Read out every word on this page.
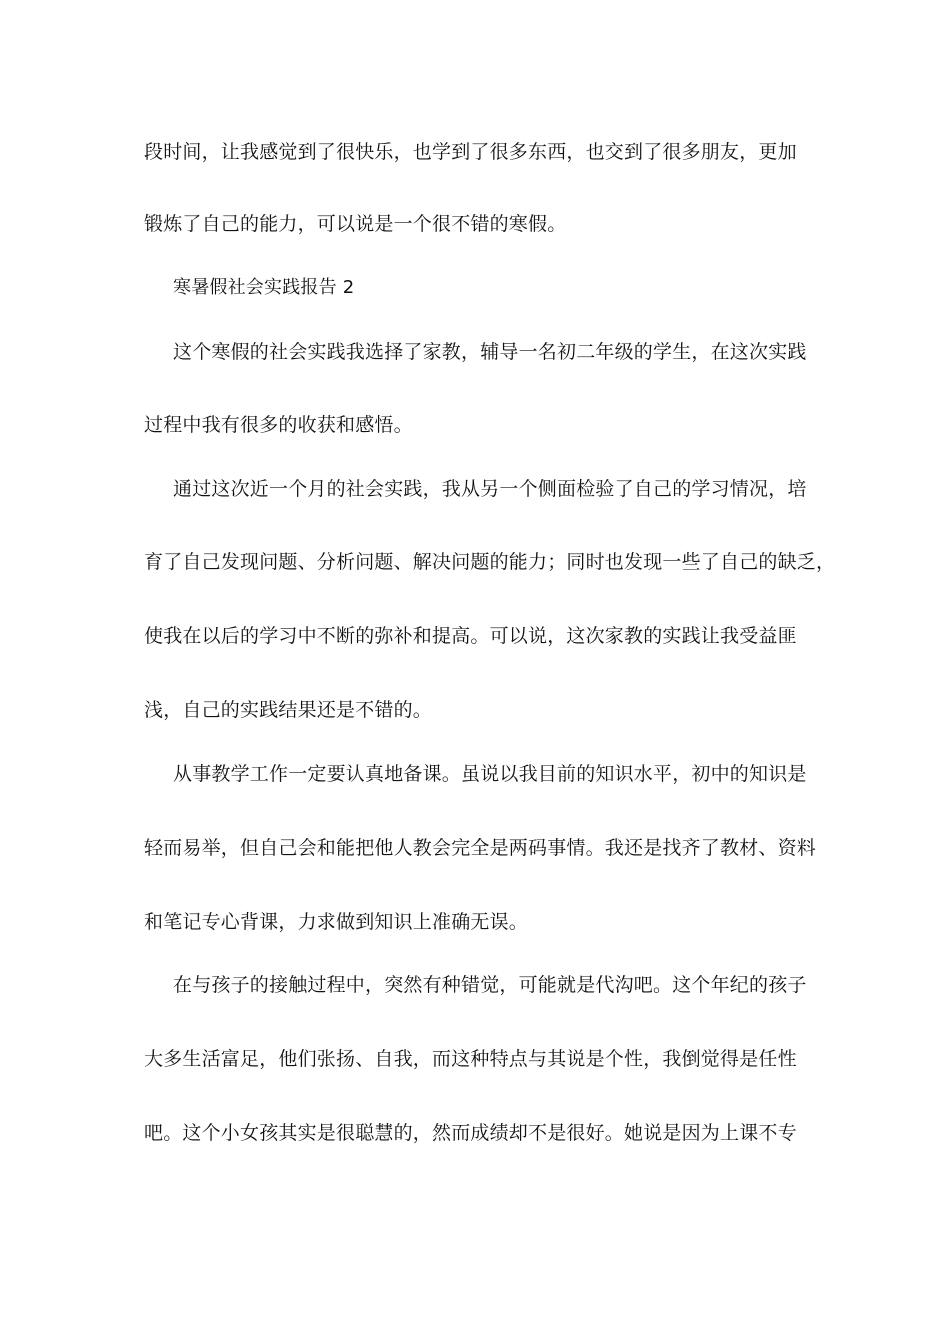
段时间，让我感觉到了很快乐，也学到了很多东西，也交到了很多朋友，更加
锻炼了自己的能力，可以说是一个很不错的寒假。
寒暑假社会实践报告 2
这个寒假的社会实践我选择了家教，辅导一名初二年级的学生，在这次实践
过程中我有很多的收获和感悟。
通过这次近一个月的社会实践，我从另一个侧面检验了自己的学习情况，培
育了自己发现问题、分析问题、解决问题的能力；同时也发现一些了自己的缺乏，
使我在以后的学习中不断的弥补和提高。可以说，这次家教的实践让我受益匪
浅，自己的实践结果还是不错的。
从事教学工作一定要认真地备课。虽说以我目前的知识水平，初中的知识是
轻而易举，但自己会和能把他人教会完全是两码事情。我还是找齐了教材、资料
和笔记专心背课，力求做到知识上准确无误。
在与孩子的接触过程中，突然有种错觉，可能就是代沟吧。这个年纪的孩子
大多生活富足，他们张扬、自我，而这种特点与其说是个性，我倒觉得是任性
吧。这个小女孩其实是很聪慧的，然而成绩却不是很好。她说是因为上课不专
